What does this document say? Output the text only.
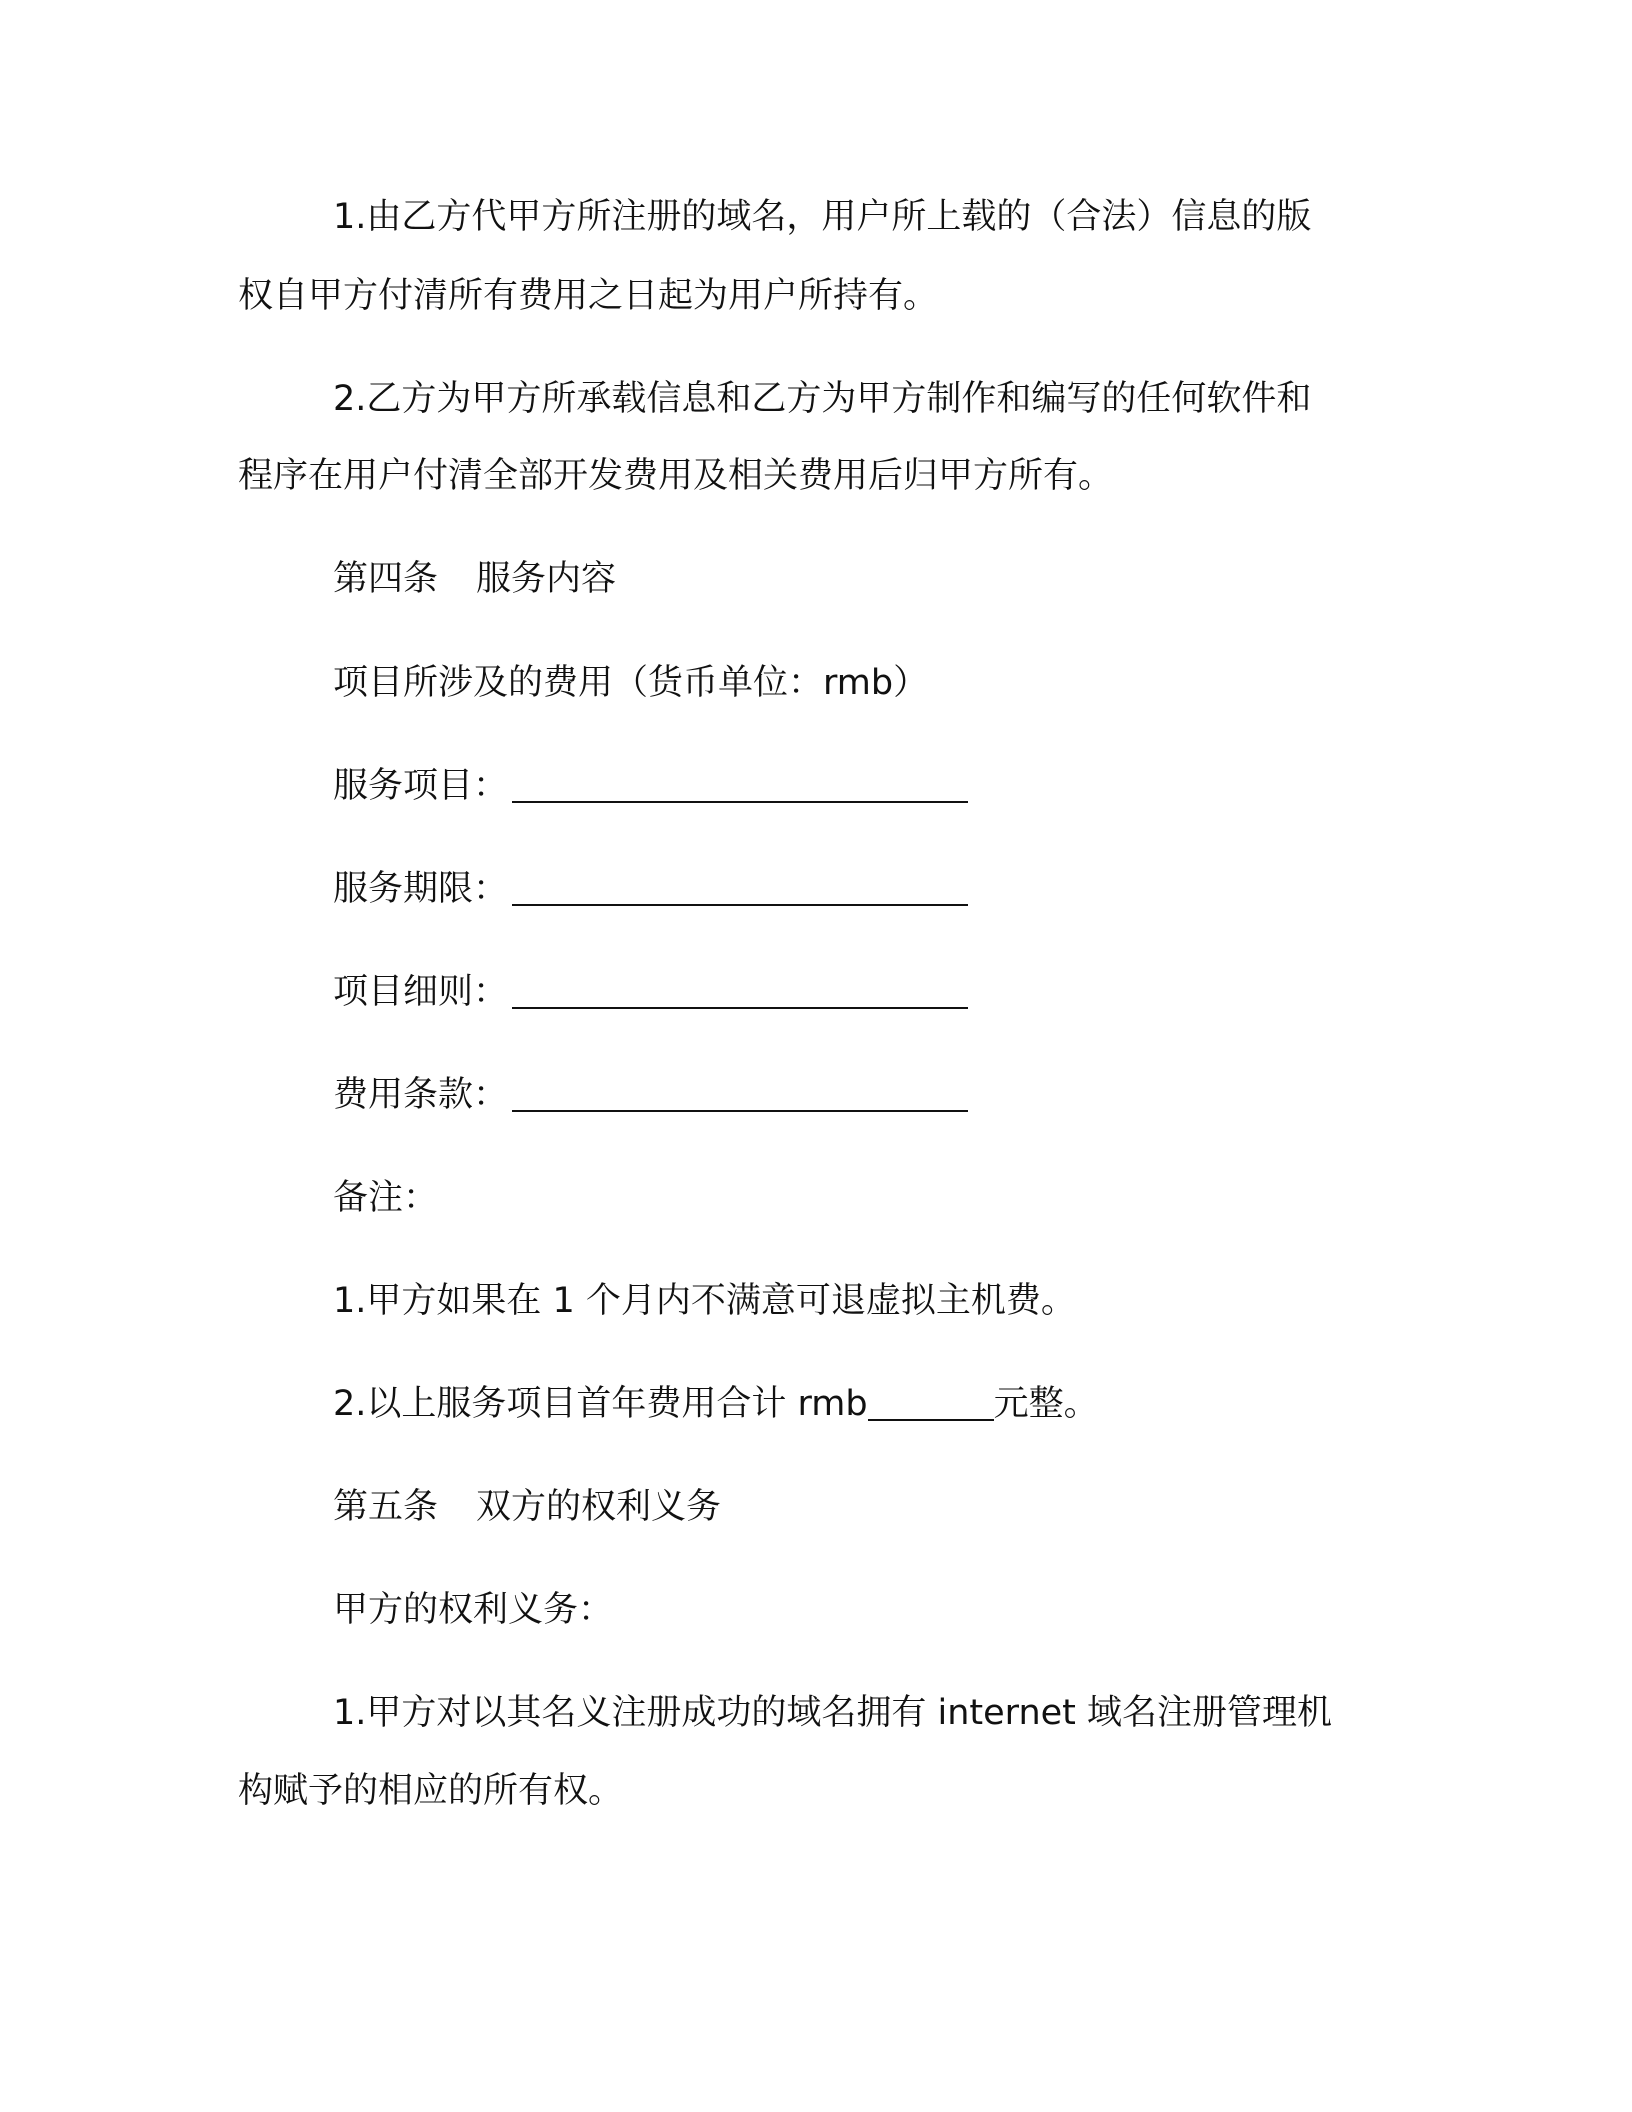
1.由乙方代甲方所注册的域名，用户所上载的（合法）信息的版
权自甲方付清所有费用之日起为用户所持有。
2.乙方为甲方所承载信息和乙方为甲方制作和编写的任何软件和
程序在用户付清全部开发费用及相关费用后归甲方所有。
第四条 服务内容
项目所涉及的费用（货币单位：rmb）
服务项目：
服务期限：
项目细则：
费用条款：
备注：
1.甲方如果在 1 个月内不满意可退虚拟主机费。
2.以上服务项目首年费用合计 rmb	元整。
第五条 双方的权利义务
甲方的权利义务：
1.甲方对以其名义注册成功的域名拥有 internet 域名注册管理机
构赋予的相应的所有权。
